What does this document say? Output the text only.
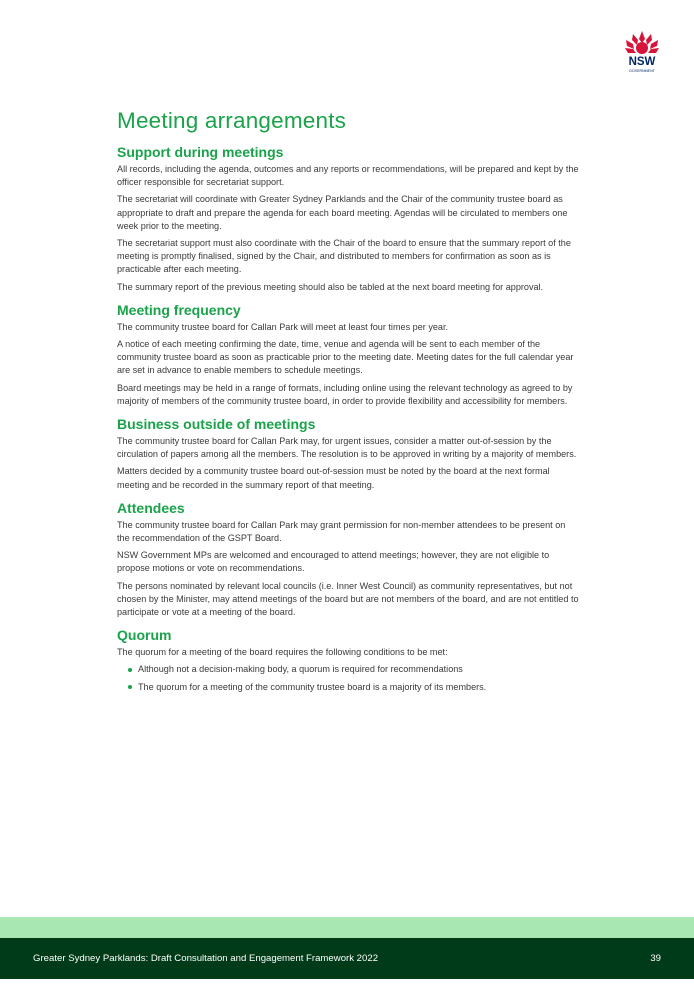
NSW
GOVERNMENT
Meeting arrangements
Support during meetings

All records, including the agenda, outcomes and any reports or recommendations, will be prepared and kept by the officer responsible for secretariat support.

The secretariat will coordinate with Greater Sydney Parklands and the Chair of the community trustee board as appropriate to draft and prepare the agenda for each board meeting. Agendas will be circulated to members one week prior to the meeting.

The secretariat support must also coordinate with the Chair of the board to ensure that the summary report of the meeting is promptly finalised, signed by the Chair, and distributed to members for confirmation as soon as is practicable after each meeting.

The summary report of the previous meeting should also be tabled at the next board meeting for approval.

Meeting frequency

The community trustee board for Callan Park will meet at least four times per year.

A notice of each meeting confirming the date, time, venue and agenda will be sent to each member of the community trustee board as soon as practicable prior to the meeting date. Meeting dates for the full calendar year are set in advance to enable members to schedule meetings.

Board meetings may be held in a range of formats, including online using the relevant technology as agreed to by majority of members of the community trustee board, in order to provide flexibility and accessibility for members.

Business outside of meetings

The community trustee board for Callan Park may, for urgent issues, consider a matter out-of-session by the circulation of papers among all the members. The resolution is to be approved in writing by a majority of members.

Matters decided by a community trustee board out-of-session must be noted by the board at the next formal meeting and be recorded in the summary report of that meeting.

Attendees

The community trustee board for Callan Park may grant permission for non-member attendees to be present on the recommendation of the GSPT Board.

NSW Government MPs are welcomed and encouraged to attend meetings; however, they are not eligible to propose motions or vote on recommendations.

The persons nominated by relevant local councils (i.e. Inner West Council) as community representatives, but not chosen by the Minister, may attend meetings of the board but are not members of the board, and are not entitled to participate or vote at a meeting of the board.

Quorum

The quorum for a meeting of the board requires the following conditions to be met:

Although not a decision-making body, a quorum is required for recommendations
The quorum for a meeting of the community trustee board is a majority of its members.
Greater Sydney Parklands: Draft Consultation and Engagement Framework 2022	39
